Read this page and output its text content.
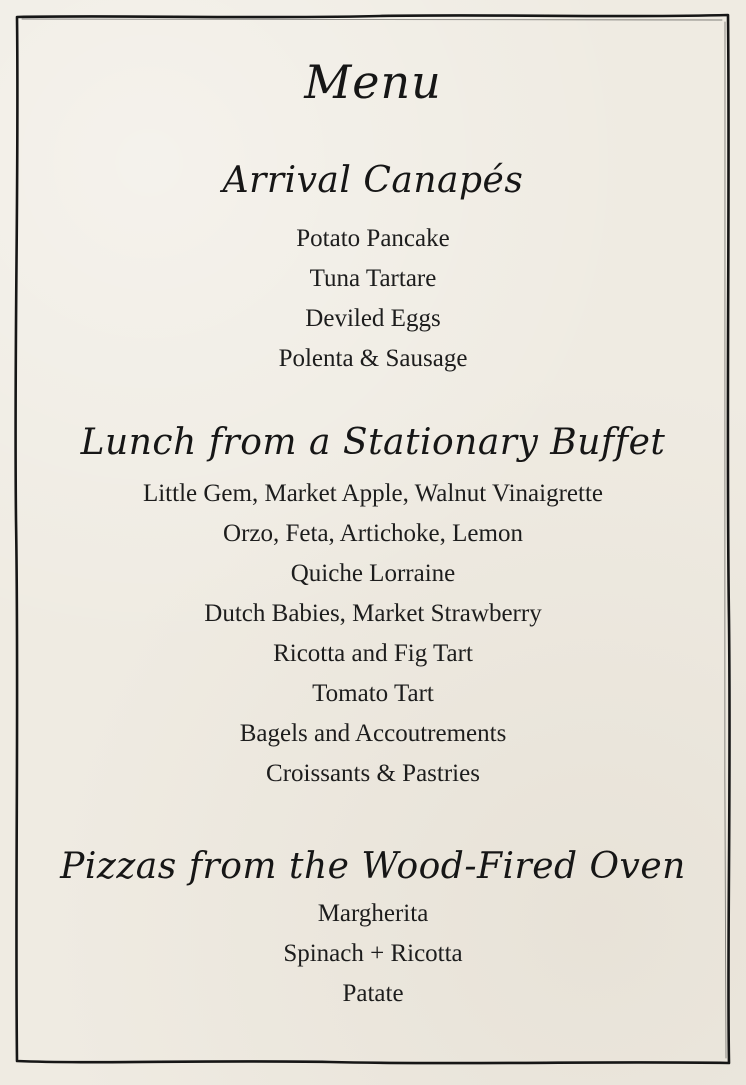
Menu
Arrival Canapés
Potato Pancake
Tuna Tartare
Deviled Eggs
Polenta & Sausage
Lunch from a Stationary Buffet
Little Gem, Market Apple, Walnut Vinaigrette
Orzo, Feta, Artichoke, Lemon
Quiche Lorraine
Dutch Babies, Market Strawberry
Ricotta and Fig Tart
Tomato Tart
Bagels and Accoutrements
Croissants & Pastries
Pizzas from the Wood-Fired Oven
Margherita
Spinach + Ricotta
Patate
